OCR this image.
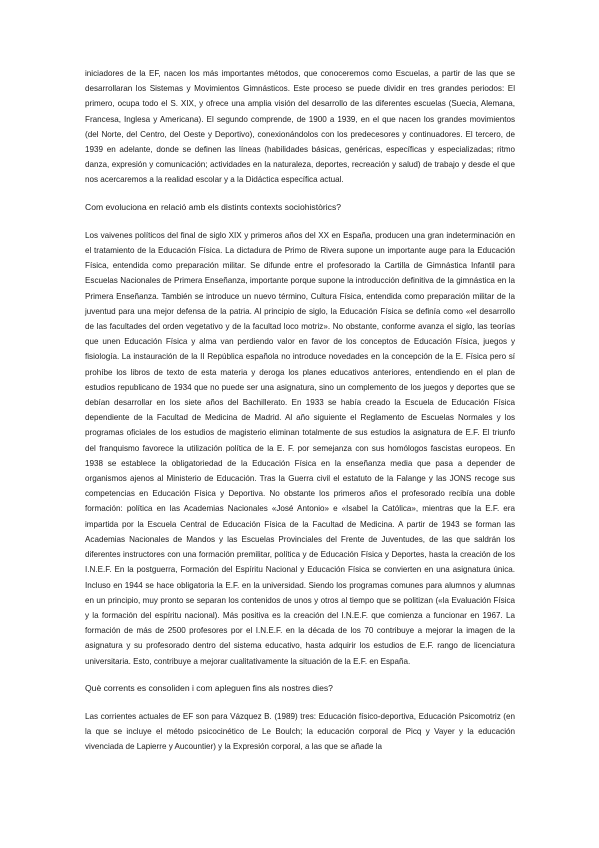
iniciadores de la EF, nacen los más importantes métodos, que conoceremos como Escuelas, a partir de las que se desarrollaran los Sistemas y Movimientos Gimnásticos. Este proceso se puede dividir en tres grandes periodos: El primero, ocupa todo el S. XIX, y ofrece una amplia visión del desarrollo de las diferentes escuelas (Suecia, Alemana, Francesa, Inglesa y Americana). El segundo comprende, de 1900 a 1939, en el que nacen los grandes movimientos (del Norte, del Centro, del Oeste y Deportivo), conexionándolos con los predecesores y continuadores. El tercero, de 1939 en adelante, donde se definen las líneas (habilidades básicas, genéricas, específicas y especializadas; ritmo danza, expresión y comunicación; actividades en la naturaleza, deportes, recreación y salud) de trabajo y desde el que nos acercaremos a la realidad escolar y a la Didáctica específica actual.

Com evoluciona en relació amb els distints contexts sociohistòrics?

Los vaivenes políticos del final de siglo XIX y primeros años del XX en España, producen una gran indeterminación en el tratamiento de la Educación Física. La dictadura de Primo de Rivera supone un importante auge para la Educación Física, entendida como preparación militar. Se difunde entre el profesorado la Cartilla de Gimnástica Infantil para Escuelas Nacionales de Primera Enseñanza, importante porque supone la introducción definitiva de la gimnástica en la Primera Enseñanza. También se introduce un nuevo término, Cultura Física, entendida como preparación militar de la juventud para una mejor defensa de la patria. Al principio de siglo, la Educación Física se definía como «el desarrollo de las facultades del orden vegetativo y de la facultad loco motriz». No obstante, conforme avanza el siglo, las teorías que unen Educación Física y alma van perdiendo valor en favor de los conceptos de Educación Física, juegos y fisiología. La instauración de la II República española no introduce novedades en la concepción de la E. Física pero sí prohíbe los libros de texto de esta materia y deroga los planes educativos anteriores, entendiendo en el plan de estudios republicano de 1934 que no puede ser una asignatura, sino un complemento de los juegos y deportes que se debían desarrollar en los siete años del Bachillerato. En 1933 se había creado la Escuela de Educación Física dependiente de la Facultad de Medicina de Madrid. Al año siguiente el Reglamento de Escuelas Normales y los programas oficiales de los estudios de magisterio eliminan totalmente de sus estudios la asignatura de E.F. El triunfo del franquismo favorece la utilización política de la E. F. por semejanza con sus homólogos fascistas europeos. En 1938 se establece la obligatoriedad de la Educación Física en la enseñanza media que pasa a depender de organismos ajenos al Ministerio de Educación. Tras la Guerra civil el estatuto de la Falange y las JONS recoge sus competencias en Educación Física y Deportiva. No obstante los primeros años el profesorado recibía una doble formación: política en las Academias Nacionales «José Antonio» e «Isabel la Católica», mientras que la E.F. era impartida por la Escuela Central de Educación Física de la Facultad de Medicina. A partir de 1943 se forman las Academias Nacionales de Mandos y las Escuelas Provinciales del Frente de Juventudes, de las que saldrán los diferentes instructores con una formación premilitar, política y de Educación Física y Deportes, hasta la creación de los I.N.E.F. En la postguerra, Formación del Espíritu Nacional y Educación Física se convierten en una asignatura única. Incluso en 1944 se hace obligatoria la E.F. en la universidad. Siendo los programas comunes para alumnos y alumnas en un principio, muy pronto se separan los contenidos de unos y otros al tiempo que se politizan («la Evaluación Física y la formación del espíritu nacional). Más positiva es la creación del I.N.E.F. que comienza a funcionar en 1967. La formación de más de 2500 profesores por el I.N.E.F. en la década de los 70 contribuye a mejorar la imagen de la asignatura y su profesorado dentro del sistema educativo, hasta adquirir los estudios de E.F. rango de licenciatura universitaria. Esto, contribuye a mejorar cualitativamente la situación de la E.F. en España.

Què corrents es consoliden i com apleguen fins als nostres dies?

Las corrientes actuales de EF son para Vázquez B. (1989) tres: Educación físico-deportiva, Educación Psicomotriz (en la que se incluye el método psicocinético de Le Boulch; la educación corporal de Picq y Vayer y la educación vivenciada de Lapierre y Aucountier) y la Expresión corporal, a las que se añade la
